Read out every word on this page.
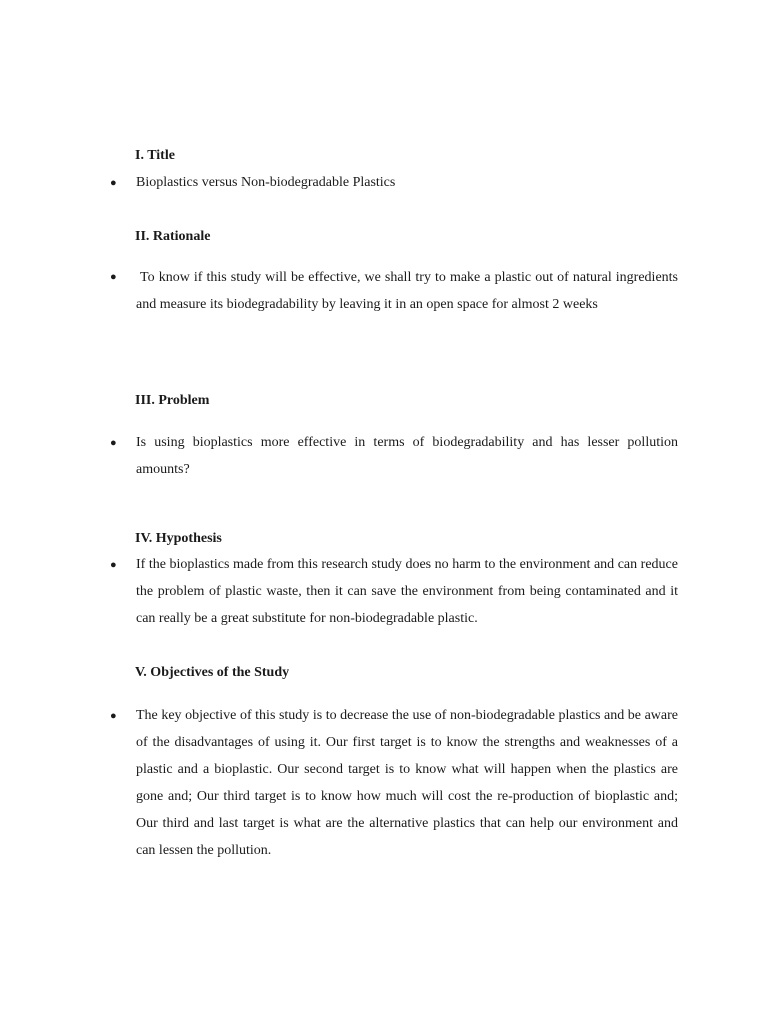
I. Title
● Bioplastics versus Non-biodegradable Plastics
II. Rationale
● To know if this study will be effective, we shall try to make a plastic out of natural ingredients and measure its biodegradability by leaving it in an open space for almost 2 weeks
III. Problem
● Is using bioplastics more effective in terms of biodegradability and has lesser pollution amounts?
IV. Hypothesis
● If the bioplastics made from this research study does no harm to the environment and can reduce the problem of plastic waste, then it can save the environment from being contaminated and it can really be a great substitute for non-biodegradable plastic.
V. Objectives of the Study
● The key objective of this study is to decrease the use of non-biodegradable plastics and be aware of the disadvantages of using it. Our first target is to know the strengths and weaknesses of a plastic and a bioplastic. Our second target is to know what will happen when the plastics are gone and; Our third target is to know how much will cost the re-production of bioplastic and; Our third and last target is what are the alternative plastics that can help our environment and can lessen the pollution.
